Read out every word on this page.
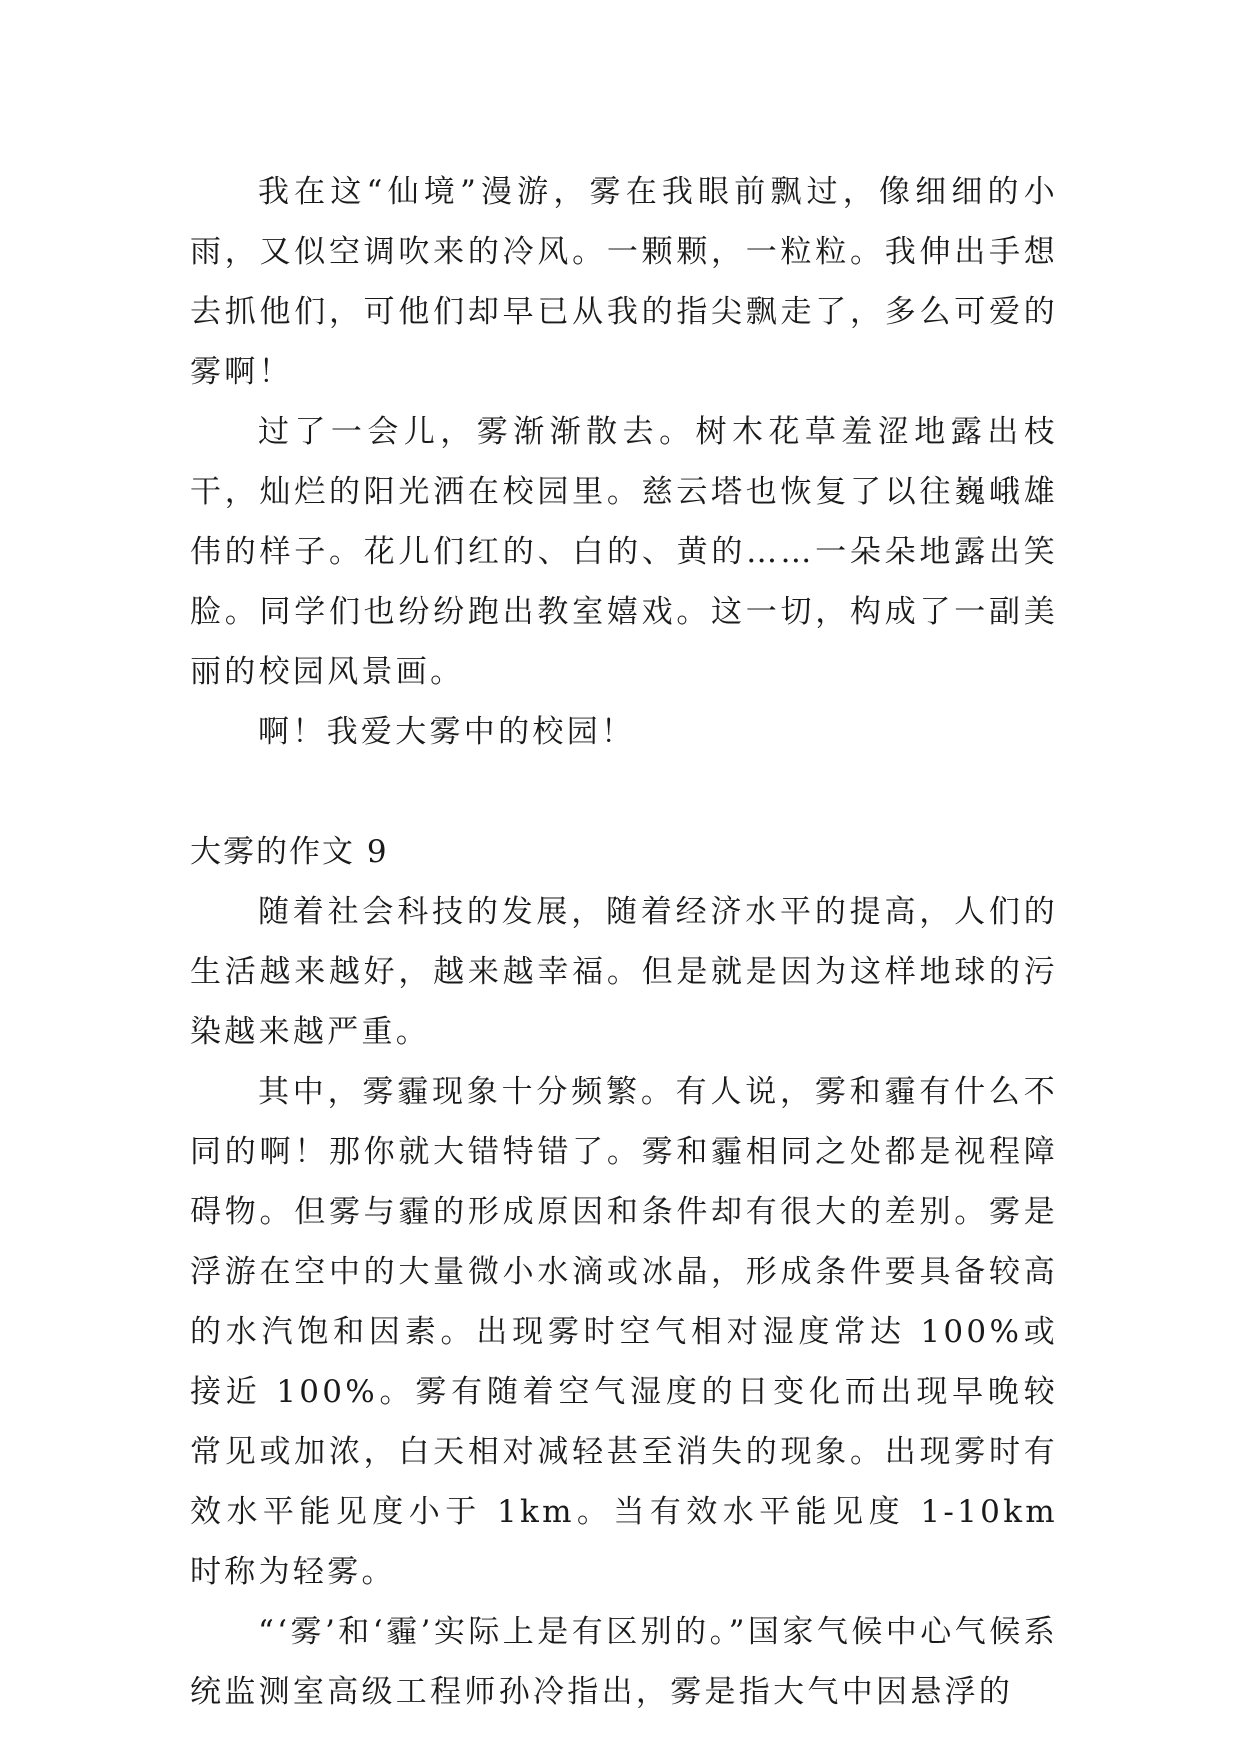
我在这“仙境”漫游，雾在我眼前飘过，像细细的小雨，又似空调吹来的冷风。一颗颗，一粒粒。我伸出手想去抓他们，可他们却早已从我的指尖飘走了，多么可爱的雾啊！

过了一会儿，雾渐渐散去。树木花草羞涩地露出枝干，灿烂的阳光洒在校园里。慈云塔也恢复了以往巍峨雄伟的样子。花儿们红的、白的、黄的……一朵朵地露出笑脸。同学们也纷纷跑出教室嬉戏。这一切，构成了一副美丽的校园风景画。

啊！我爱大雾中的校园！

大雾的作文 9

随着社会科技的发展，随着经济水平的提高，人们的生活越来越好，越来越幸福。但是就是因为这样地球的污染越来越严重。

其中，雾霾现象十分频繁。有人说，雾和霾有什么不同的啊！那你就大错特错了。雾和霾相同之处都是视程障碍物。但雾与霾的形成原因和条件却有很大的差别。雾是浮游在空中的大量微小水滴或冰晶，形成条件要具备较高的水汽饱和因素。出现雾时空气相对湿度常达 100%或接近 100%。雾有随着空气湿度的日变化而出现早晚较常见或加浓，白天相对减轻甚至消失的现象。出现雾时有效水平能见度小于 1km。当有效水平能见度 1-10km 时称为轻雾。

“‘雾’和‘霾’实际上是有区别的。”国家气候中心气候系统监测室高级工程师孙冷指出，雾是指大气中因悬浮的
